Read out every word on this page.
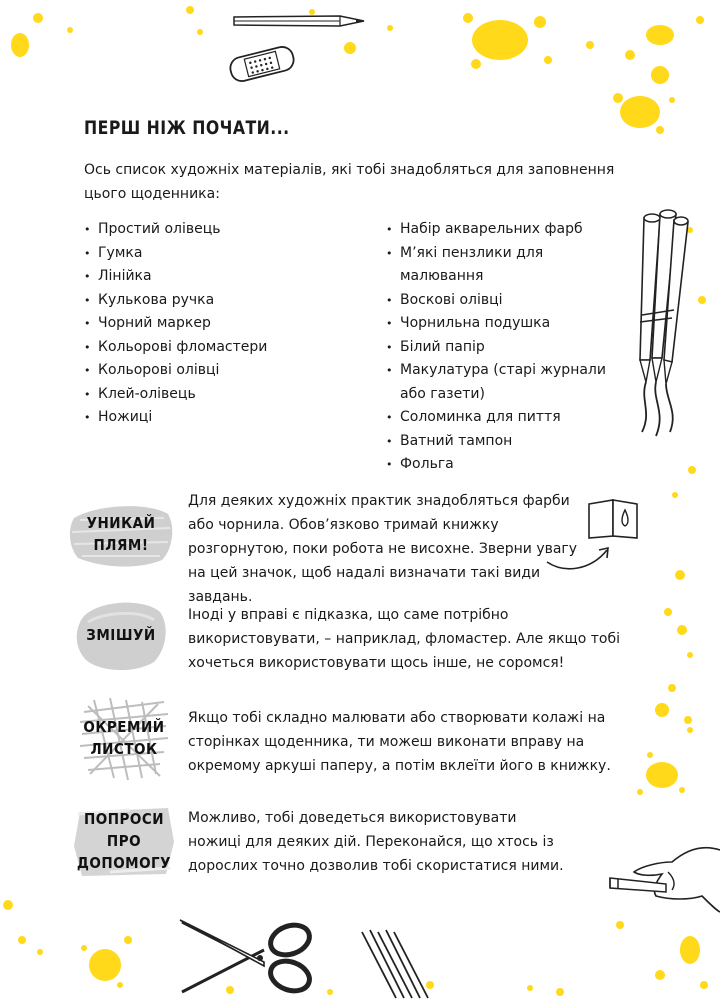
ПЕРШ НІЖ ПОЧАТИ...
Ось список художніх матеріалів, які тобі знадобляться для заповнення цього щоденника:
• Простий олівець
• Гумка
• Лінійка
• Кулькова ручка
• Чорний маркер
• Кольорові фломастери
• Кольорові олівці
• Клей-олівець
• Ножиці
• Набір акварельних фарб
• М’які пензлики для малювання
• Воскові олівці
• Чорнильна подушка
• Білий папір
• Макулатура (старі журнали або газети)
• Соломинка для пиття
• Ватний тампон
• Фольга
УНИКАЙ
ПЛЯМ!
Для деяких художніх практик знадобляться фарби або чорнила. Обов’язково тримай книжку розгорнутою, поки робота не висохне. Зверни увагу на цей значок, щоб надалі визначати такі види завдань.
ЗМІШУЙ
Іноді у вправі є підказка, що саме потрібно використовувати, – наприклад, фломастер. Але якщо тобі хочеться використовувати щось інше, не соромся!
ОКРЕМИЙ
ЛИСТОК
Якщо тобі складно малювати або створювати колажі на сторінках щоденника, ти можеш виконати вправу на окремому аркуші паперу, а потім вклеїти його в книжку.
ПОПРОСИ ПРО
ДОПОМОГУ
Можливо, тобі доведеться використовувати ножиці для деяких дій. Переконайся, що хтось із дорослих точно дозволив тобі скористатися ними.
